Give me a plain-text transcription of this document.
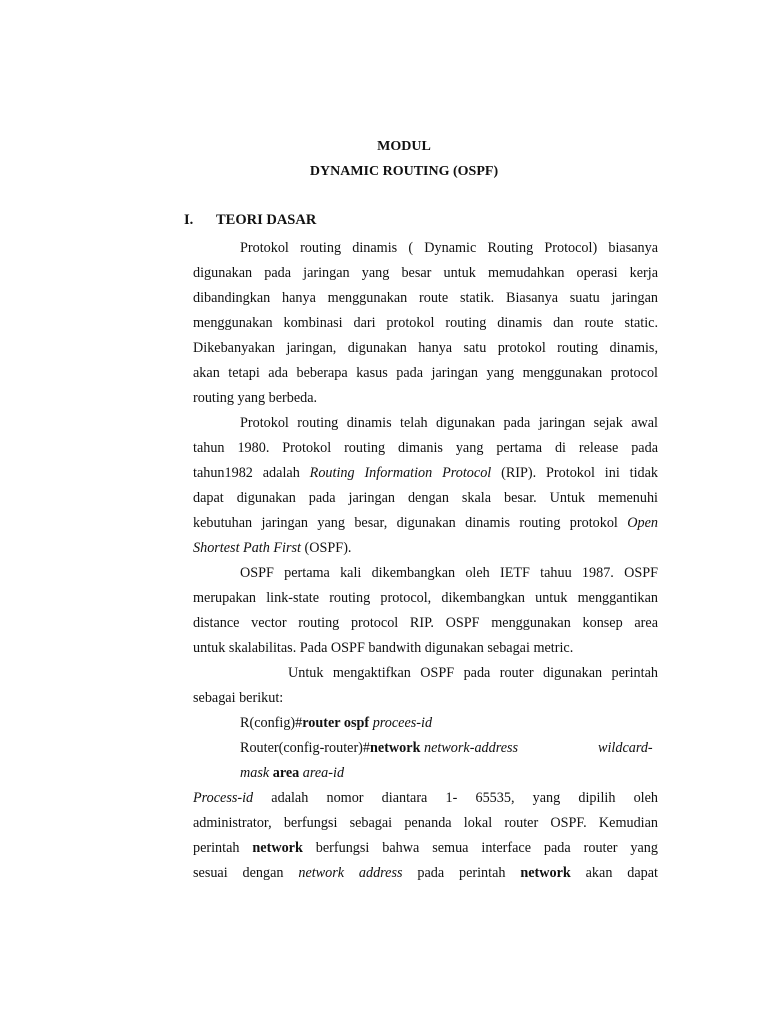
MODUL
DYNAMIC ROUTING (OSPF)
I. TEORI DASAR
Protokol routing dinamis ( Dynamic Routing Protocol) biasanya
digunakan pada jaringan yang besar untuk memudahkan operasi kerja
dibandingkan hanya menggunakan route statik. Biasanya suatu jaringan
menggunakan kombinasi dari protokol routing dinamis dan route static.
Dikebanyakan jaringan, digunakan hanya satu protokol routing dinamis,
akan tetapi ada beberapa kasus pada jaringan yang menggunakan protocol
routing yang berbeda.
Protokol routing dinamis telah digunakan pada jaringan sejak awal
tahun 1980. Protokol routing dimanis yang pertama di release pada
tahun1982 adalah Routing Information Protocol (RIP). Protokol ini tidak
dapat digunakan pada jaringan dengan skala besar. Untuk memenuhi
kebutuhan jaringan yang besar, digunakan dinamis routing protokol Open
Shortest Path First (OSPF).
OSPF pertama kali dikembangkan oleh IETF tahuu 1987. OSPF
merupakan link-state routing protocol, dikembangkan untuk menggantikan
distance vector routing protocol RIP. OSPF menggunakan konsep area
untuk skalabilitas. Pada OSPF bandwith digunakan sebagai metric.
Untuk mengaktifkan OSPF pada router digunakan perintah
sebagai berikut:
R(config)#router ospf procees-id
Router(config-router)#network network-address	wildcard-
mask area area-id
Process-id adalah nomor diantara 1- 65535, yang dipilih oleh
administrator, berfungsi sebagai penanda lokal router OSPF. Kemudian
perintah network berfungsi bahwa semua interface pada router yang
sesuai dengan network address pada perintah network akan dapat
